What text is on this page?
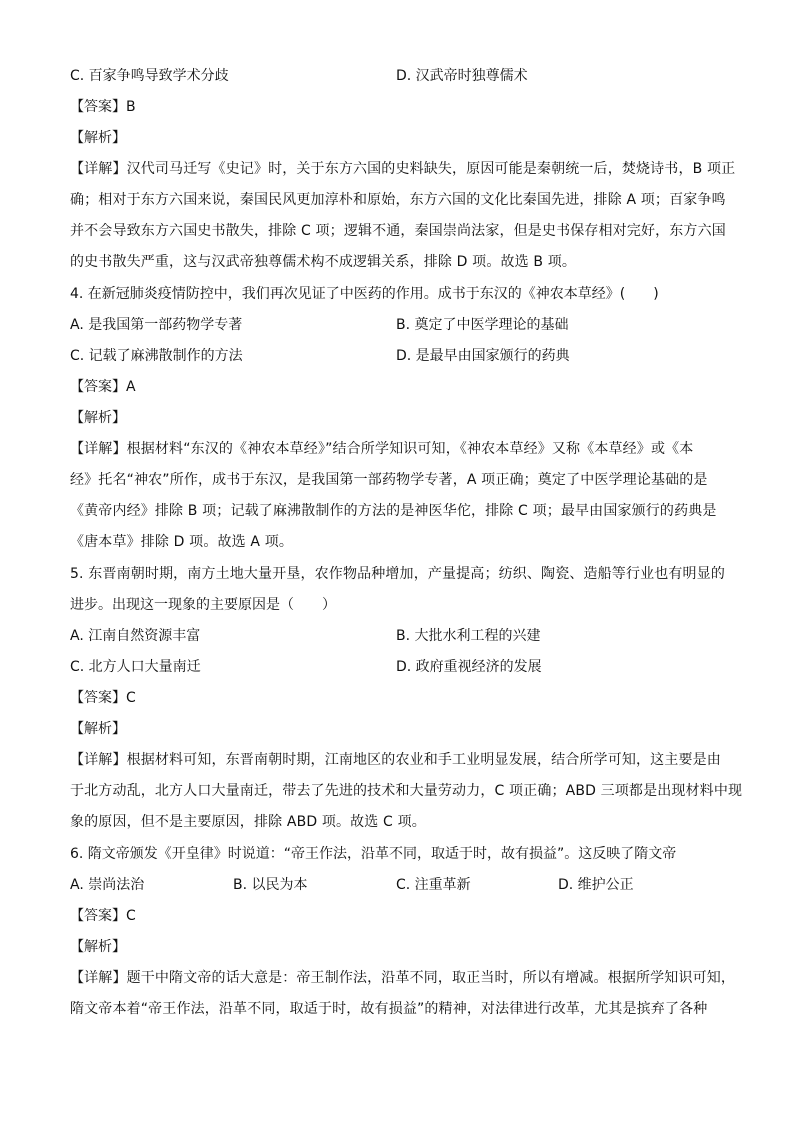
C. 百家争鸣导致学术分歧	D. 汉武帝时独尊儒术
【答案】B
【解析】
【详解】汉代司马迁写《史记》时，关于东方六国的史料缺失，原因可能是秦朝统一后，焚烧诗书，B 项正
确；相对于东方六国来说，秦国民风更加淳朴和原始，东方六国的文化比秦国先进，排除 A 项；百家争鸣
并不会导致东方六国史书散失，排除 C 项；逻辑不通，秦国崇尚法家，但是史书保存相对完好，东方六国
的史书散失严重，这与汉武帝独尊儒术构不成逻辑关系，排除 D 项。故选 B 项。
4. 在新冠肺炎疫情防控中，我们再次见证了中医药的作用。成书于东汉的《神农本草经》(　　)
A. 是我国第一部药物学专著	B. 奠定了中医学理论的基础
C. 记载了麻沸散制作的方法	D. 是最早由国家颁行的药典
【答案】A
【解析】
【详解】根据材料“东汉的《神农本草经》”结合所学知识可知，《神农本草经》又称《本草经》或《本
经》托名“神农”所作，成书于东汉，是我国第一部药物学专著，A 项正确；奠定了中医学理论基础的是
《黄帝内经》排除 B 项；记载了麻沸散制作的方法的是神医华佗，排除 C 项；最早由国家颁行的药典是
《唐本草》排除 D 项。故选 A 项。
5. 东晋南朝时期，南方土地大量开垦，农作物品种增加，产量提高；纺织、陶瓷、造船等行业也有明显的
进步。出现这一现象的主要原因是（　　）
A. 江南自然资源丰富	B. 大批水利工程的兴建
C. 北方人口大量南迁	D. 政府重视经济的发展
【答案】C
【解析】
【详解】根据材料可知，东晋南朝时期，江南地区的农业和手工业明显发展，结合所学可知，这主要是由
于北方动乱，北方人口大量南迁，带去了先进的技术和大量劳动力，C 项正确；ABD 三项都是出现材料中现
象的原因，但不是主要原因，排除 ABD 项。故选 C 项。
6. 隋文帝颁发《开皇律》时说道：“帝王作法，沿革不同，取适于时，故有损益”。这反映了隋文帝
A. 崇尚法治	B. 以民为本	C. 注重革新	D. 维护公正
【答案】C
【解析】
【详解】题干中隋文帝的话大意是：帝王制作法，沿革不同，取正当时，所以有增减。根据所学知识可知，
隋文帝本着“帝王作法，沿革不同，取适于时，故有损益”的精神，对法律进行改革，尤其是摈弃了各种
